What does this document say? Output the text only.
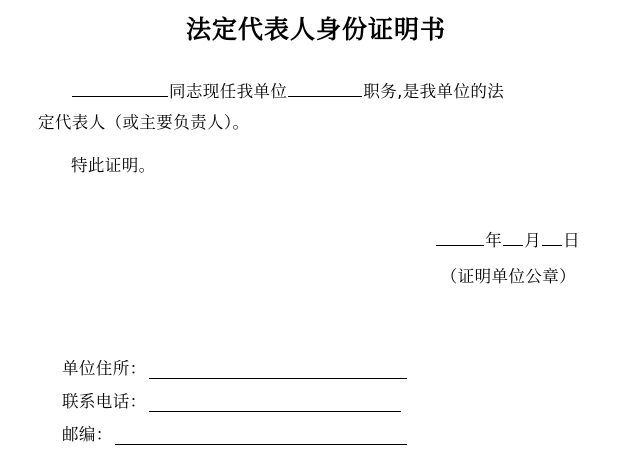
法定代表人身份证明书
同志现任我单位	职务,是我单位的法
定代表人（或主要负责人）。
特此证明。
年 月 日
（证明单位公章）
单位住所：
联系电话：
邮编：
